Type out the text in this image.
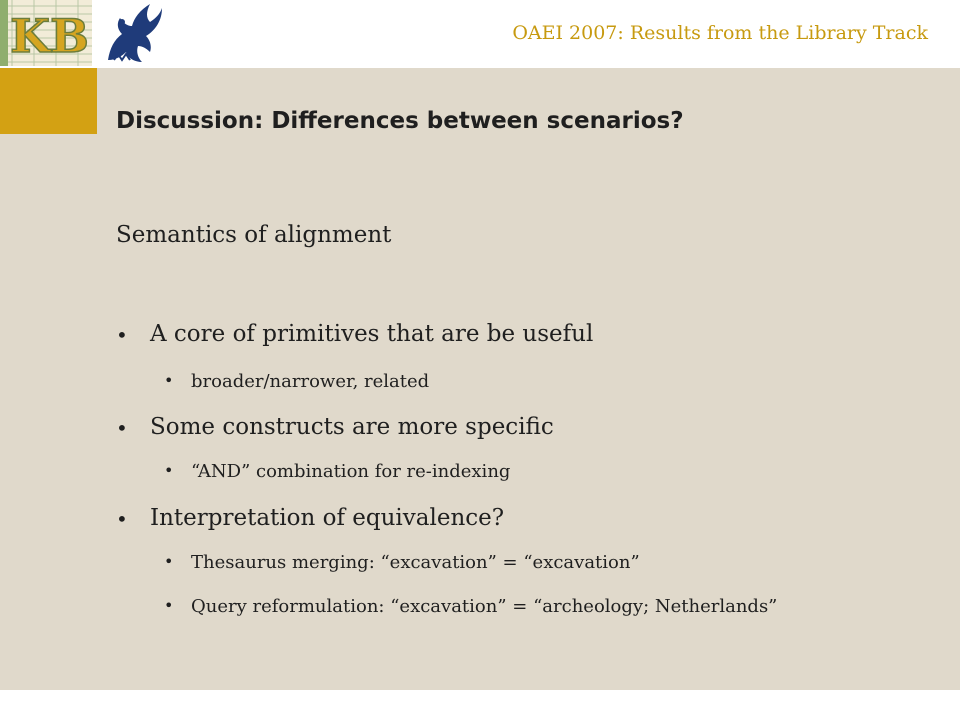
KB	OAEI 2007: Results from the Library Track
Discussion: Differences between scenarios?
Semantics of alignment
• A core of primitives that are be useful
• broader/narrower, related
• Some constructs are more specific
• “AND” combination for re-indexing
• Interpretation of equivalence?
• Thesaurus merging: “excavation” = “excavation”
• Query reformulation: “excavation” = “archeology; Netherlands”
